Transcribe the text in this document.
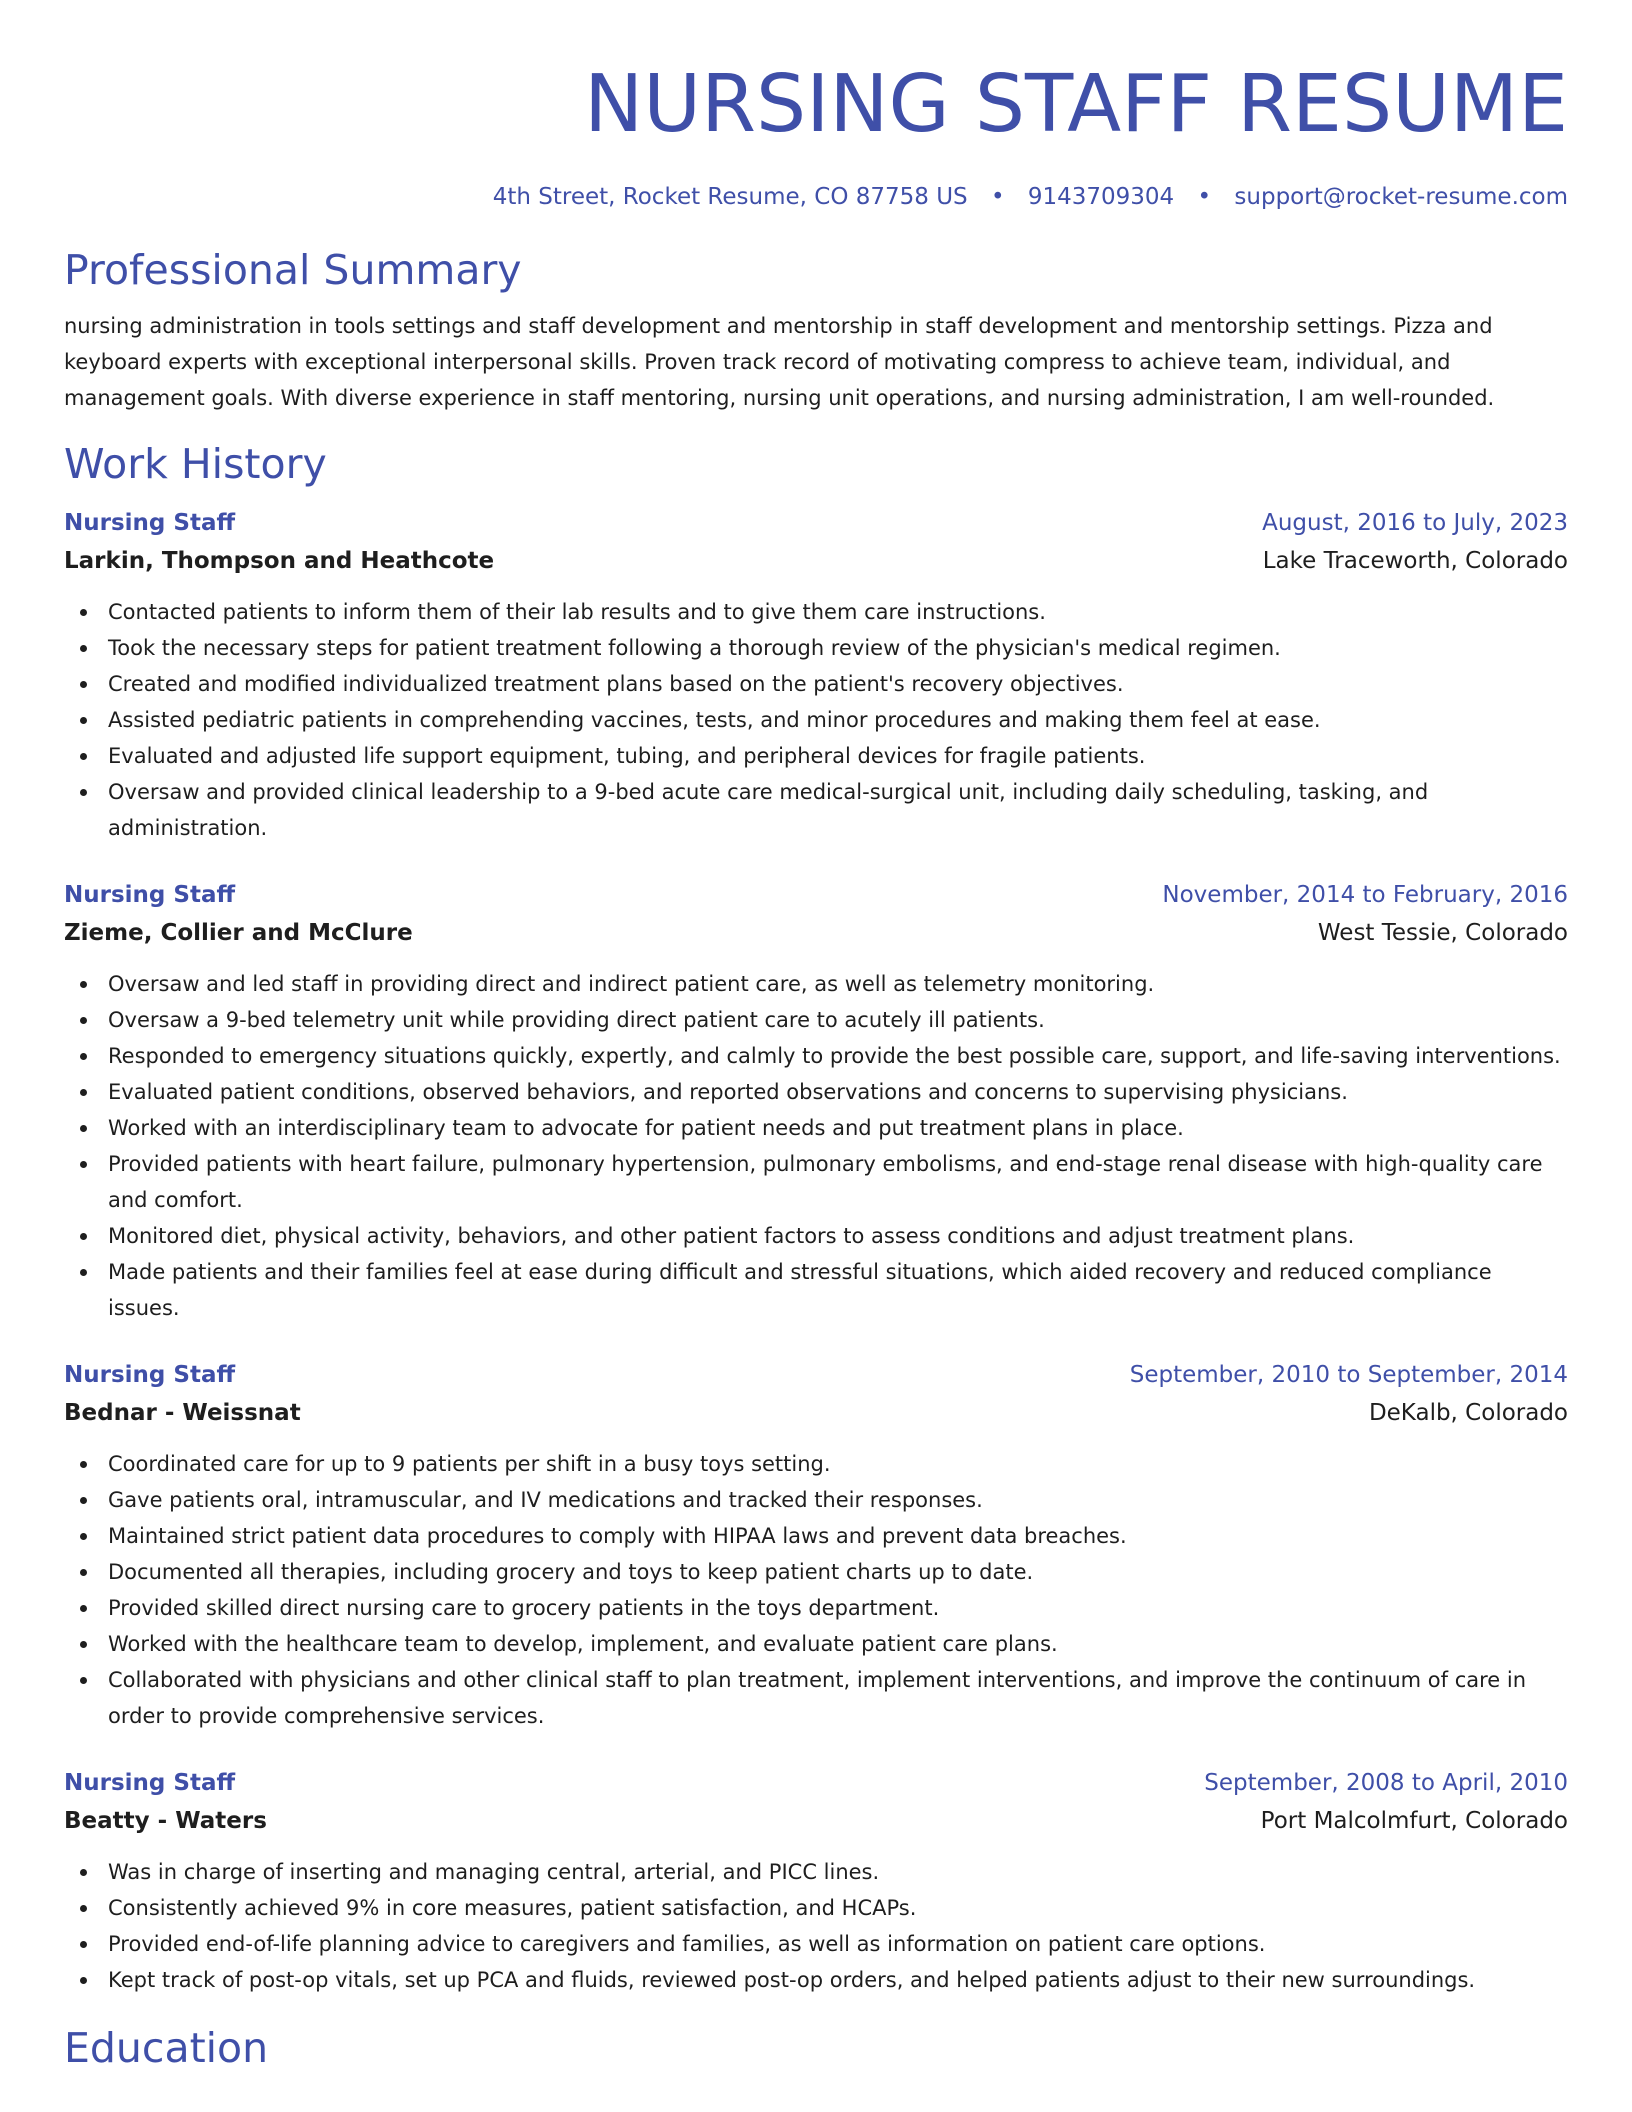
NURSING STAFF RESUME
4th Street, Rocket Resume, CO 87758 US • 9143709304 • support@rocket-resume.com
Professional Summary

nursing administration in tools settings and staff development and mentorship in staff development and mentorship settings. Pizza and keyboard experts with exceptional interpersonal skills. Proven track record of motivating compress to achieve team, individual, and management goals. With diverse experience in staff mentoring, nursing unit operations, and nursing administration, I am well-rounded.

Work History
Nursing Staff	August, 2016 to July, 2023
Larkin, Thompson and Heathcote	Lake Traceworth, Colorado
Contacted patients to inform them of their lab results and to give them care instructions.
Took the necessary steps for patient treatment following a thorough review of the physician's medical regimen.
Created and modified individualized treatment plans based on the patient's recovery objectives.
Assisted pediatric patients in comprehending vaccines, tests, and minor procedures and making them feel at ease.
Evaluated and adjusted life support equipment, tubing, and peripheral devices for fragile patients.
Oversaw and provided clinical leadership to a 9-bed acute care medical-surgical unit, including daily scheduling, tasking, and administration.
Nursing Staff	November, 2014 to February, 2016
Zieme, Collier and McClure	West Tessie, Colorado
Oversaw and led staff in providing direct and indirect patient care, as well as telemetry monitoring.
Oversaw a 9-bed telemetry unit while providing direct patient care to acutely ill patients.
Responded to emergency situations quickly, expertly, and calmly to provide the best possible care, support, and life-saving interventions.
Evaluated patient conditions, observed behaviors, and reported observations and concerns to supervising physicians.
Worked with an interdisciplinary team to advocate for patient needs and put treatment plans in place.
Provided patients with heart failure, pulmonary hypertension, pulmonary embolisms, and end-stage renal disease with high-quality care and comfort.
Monitored diet, physical activity, behaviors, and other patient factors to assess conditions and adjust treatment plans.
Made patients and their families feel at ease during difficult and stressful situations, which aided recovery and reduced compliance issues.
Nursing Staff	September, 2010 to September, 2014
Bednar - Weissnat	DeKalb, Colorado
Coordinated care for up to 9 patients per shift in a busy toys setting.
Gave patients oral, intramuscular, and IV medications and tracked their responses.
Maintained strict patient data procedures to comply with HIPAA laws and prevent data breaches.
Documented all therapies, including grocery and toys to keep patient charts up to date.
Provided skilled direct nursing care to grocery patients in the toys department.
Worked with the healthcare team to develop, implement, and evaluate patient care plans.
Collaborated with physicians and other clinical staff to plan treatment, implement interventions, and improve the continuum of care in order to provide comprehensive services.
Nursing Staff	September, 2008 to April, 2010
Beatty - Waters	Port Malcolmfurt, Colorado
Was in charge of inserting and managing central, arterial, and PICC lines.
Consistently achieved 9% in core measures, patient satisfaction, and HCAPs.
Provided end-of-life planning advice to caregivers and families, as well as information on patient care options.
Kept track of post-op vitals, set up PCA and fluids, reviewed post-op orders, and helped patients adjust to their new surroundings.
Education
